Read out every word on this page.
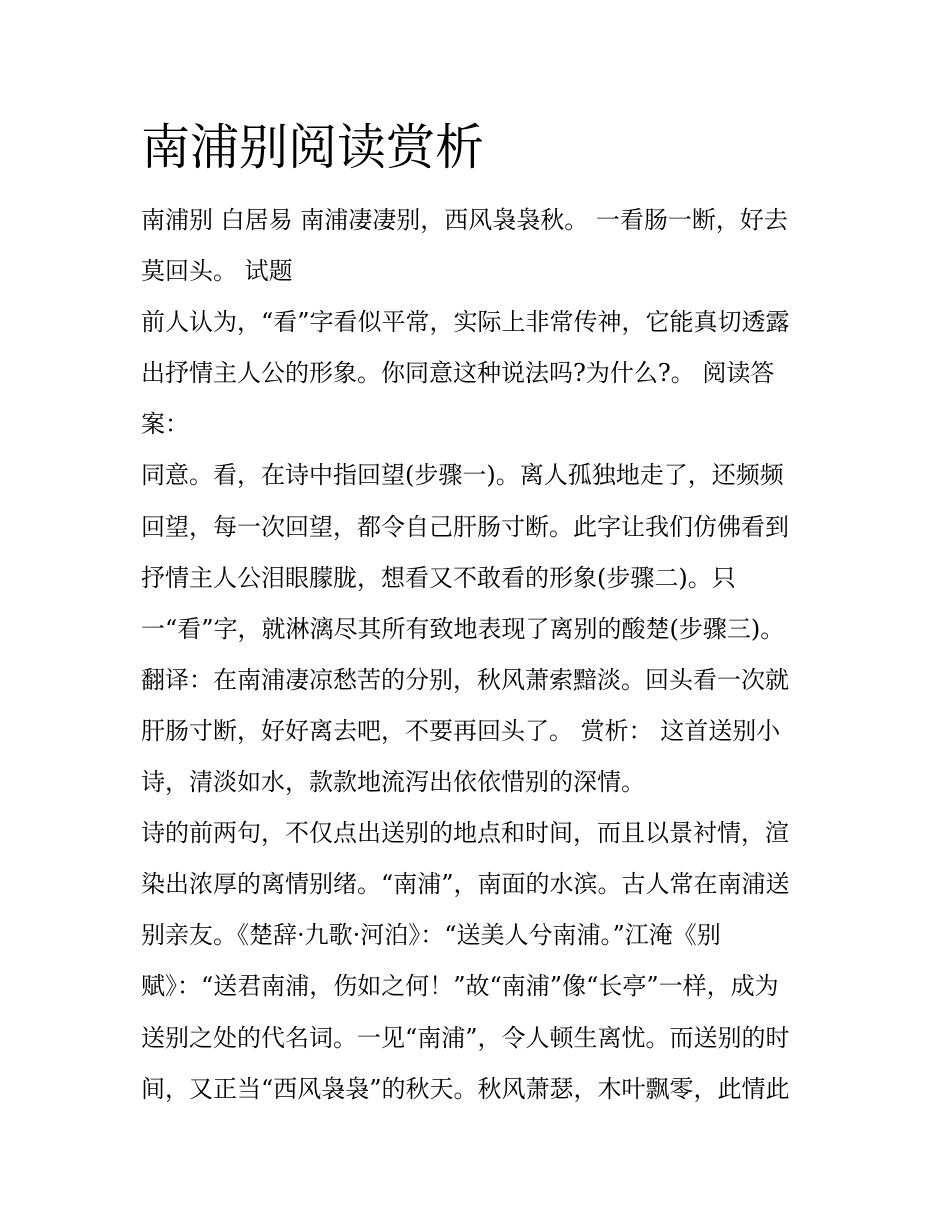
南浦别阅读赏析

南浦别 白居易 南浦凄凄别，西风袅袅秋。 一看肠一断，好去

莫回头。 试题

前人认为，“看”字看似平常，实际上非常传神，它能真切透露

出抒情主人公的形象。你同意这种说法吗?为什么?。 阅读答

案：

同意。看，在诗中指回望(步骤一)。离人孤独地走了，还频频

回望，每一次回望，都令自己肝肠寸断。此字让我们仿佛看到

抒情主人公泪眼朦胧，想看又不敢看的形象(步骤二)。只

一“看”字，就淋漓尽其所有致地表现了离别的酸楚(步骤三)。

翻译：在南浦凄凉愁苦的分别，秋风萧索黯淡。回头看一次就

肝肠寸断，好好离去吧，不要再回头了。 赏析： 这首送别小

诗，清淡如水，款款地流泻出依依惜别的深情。

诗的前两句，不仅点出送别的地点和时间，而且以景衬情，渲

染出浓厚的离情别绪。“南浦”，南面的水滨。古人常在南浦送

别亲友。《楚辞·九歌·河泊》：“送美人兮南浦。”江淹《别

赋》：“送君南浦，伤如之何！”故“南浦”像“长亭”一样，成为

送别之处的代名词。一见“南浦”，令人顿生离忧。而送别的时

间，又正当“西风袅袅”的秋天。秋风萧瑟，木叶飘零，此情此
